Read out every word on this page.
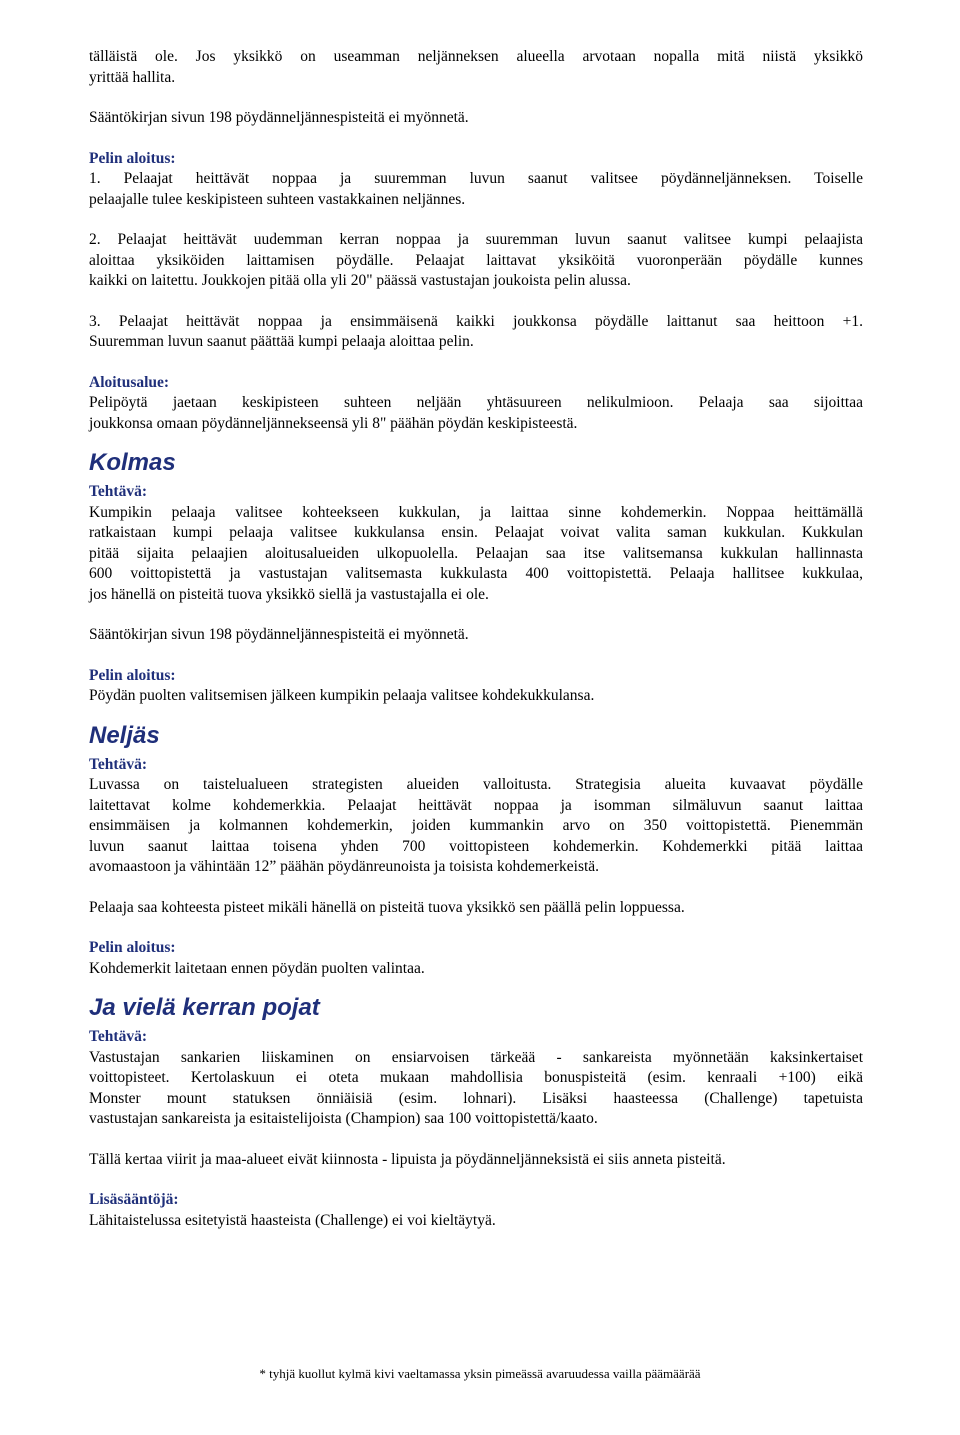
tälläistä ole. Jos yksikkö on useamman neljänneksen alueella arvotaan nopalla mitä niistä yksikkö
yrittää hallita.

Sääntökirjan sivun 198 pöydänneljännespisteitä ei myönnetä.

Pelin aloitus:

1. Pelaajat heittävät noppaa ja suuremman luvun saanut valitsee pöydänneljänneksen. Toiselle
pelaajalle tulee keskipisteen suhteen vastakkainen neljännes.

2. Pelaajat heittävät uudemman kerran noppaa ja suuremman luvun saanut valitsee kumpi pelaajista
aloittaa yksiköiden laittamisen pöydälle. Pelaajat laittavat yksiköitä vuoronperään pöydälle kunnes
kaikki on laitettu. Joukkojen pitää olla yli 20" päässä vastustajan joukoista pelin alussa.

3. Pelaajat heittävät noppaa ja ensimmäisenä kaikki joukkonsa pöydälle laittanut saa heittoon +1.
Suuremman luvun saanut päättää kumpi pelaaja aloittaa pelin.

Aloitusalue:

Pelipöytä jaetaan keskipisteen suhteen neljään yhtäsuureen nelikulmioon. Pelaaja saa sijoittaa
joukkonsa omaan pöydänneljännekseensä yli 8" päähän pöydän keskipisteestä.

Kolmas

Tehtävä:

Kumpikin pelaaja valitsee kohteekseen kukkulan, ja laittaa sinne kohdemerkin. Noppaa heittämällä
ratkaistaan kumpi pelaaja valitsee kukkulansa ensin. Pelaajat voivat valita saman kukkulan. Kukkulan
pitää sijaita pelaajien aloitusalueiden ulkopuolella. Pelaajan saa itse valitsemansa kukkulan hallinnasta
600 voittopistettä ja vastustajan valitsemasta kukkulasta 400 voittopistettä. Pelaaja hallitsee kukkulaa,
jos hänellä on pisteitä tuova yksikkö siellä ja vastustajalla ei ole.

Sääntökirjan sivun 198 pöydänneljännespisteitä ei myönnetä.

Pelin aloitus:

Pöydän puolten valitsemisen jälkeen kumpikin pelaaja valitsee kohdekukkulansa.

Neljäs

Tehtävä:

Luvassa on taistelualueen strategisten alueiden valloitusta. Strategisia alueita kuvaavat pöydälle
laitettavat kolme kohdemerkkia. Pelaajat heittävät noppaa ja isomman silmäluvun saanut laittaa
ensimmäisen ja kolmannen kohdemerkin, joiden kummankin arvo on 350 voittopistettä. Pienemmän
luvun saanut laittaa toisena yhden 700 voittopisteen kohdemerkin. Kohdemerkki pitää laittaa
avomaastoon ja vähintään 12” päähän pöydänreunoista ja toisista kohdemerkeistä.

Pelaaja saa kohteesta pisteet mikäli hänellä on pisteitä tuova yksikkö sen päällä pelin loppuessa.

Pelin aloitus:

Kohdemerkit laitetaan ennen pöydän puolten valintaa.

Ja vielä kerran pojat

Tehtävä:

Vastustajan sankarien liiskaminen on ensiarvoisen tärkeää - sankareista myönnetään kaksinkertaiset
voittopisteet. Kertolaskuun ei oteta mukaan mahdollisia bonuspisteitä (esim. kenraali +100) eikä
Monster mount statuksen önniäisiä (esim. lohnari). Lisäksi haasteessa (Challenge) tapetuista
vastustajan sankareista ja esitaistelijoista (Champion) saa 100 voittopistettä/kaato.

Tällä kertaa viirit ja maa-alueet eivät kiinnosta - lipuista ja pöydänneljänneksistä ei siis anneta pisteitä.

Lisäsääntöjä:

Lähitaistelussa esitetyistä haasteista (Challenge) ei voi kieltäytyä.

* tyhjä kuollut kylmä kivi vaeltamassa yksin pimeässä avaruudessa vailla päämäärää
